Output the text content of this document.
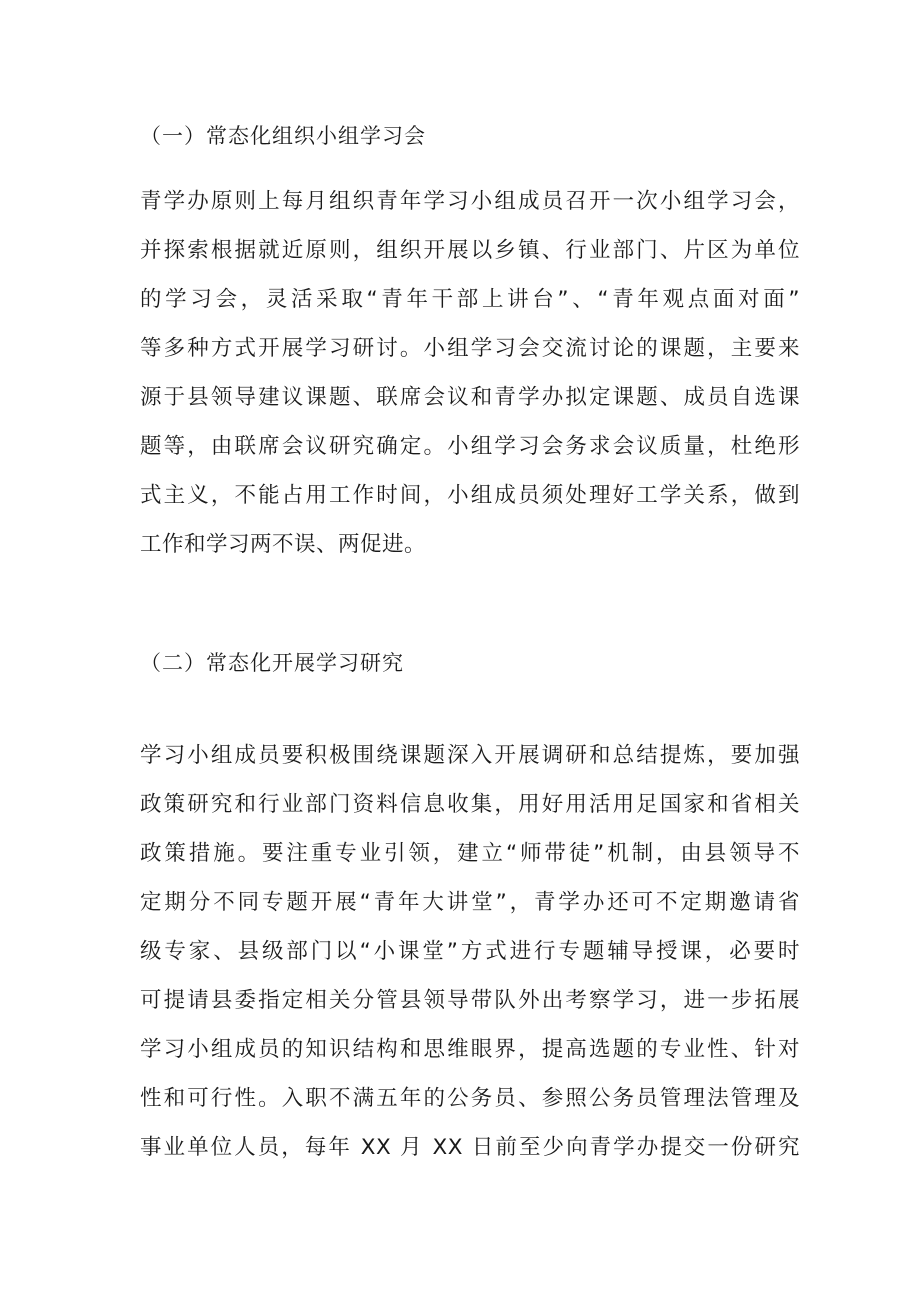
（一）常态化组织小组学习会
青学办原则上每月组织青年学习小组成员召开一次小组学习会，
并探索根据就近原则，组织开展以乡镇、行业部门、片区为单位
的学习会，灵活采取“青年干部上讲台”、“青年观点面对面”
等多种方式开展学习研讨。小组学习会交流讨论的课题，主要来
源于县领导建议课题、联席会议和青学办拟定课题、成员自选课
题等，由联席会议研究确定。小组学习会务求会议质量，杜绝形
式主义，不能占用工作时间，小组成员须处理好工学关系，做到
工作和学习两不误、两促进。
（二）常态化开展学习研究
学习小组成员要积极围绕课题深入开展调研和总结提炼，要加强
政策研究和行业部门资料信息收集，用好用活用足国家和省相关
政策措施。要注重专业引领，建立“师带徒”机制，由县领导不
定期分不同专题开展“青年大讲堂”，青学办还可不定期邀请省
级专家、县级部门以“小课堂”方式进行专题辅导授课，必要时
可提请县委指定相关分管县领导带队外出考察学习，进一步拓展
学习小组成员的知识结构和思维眼界，提高选题的专业性、针对
性和可行性。入职不满五年的公务员、参照公务员管理法管理及
事业单位人员，每年 XX 月 XX 日前至少向青学办提交一份研究
